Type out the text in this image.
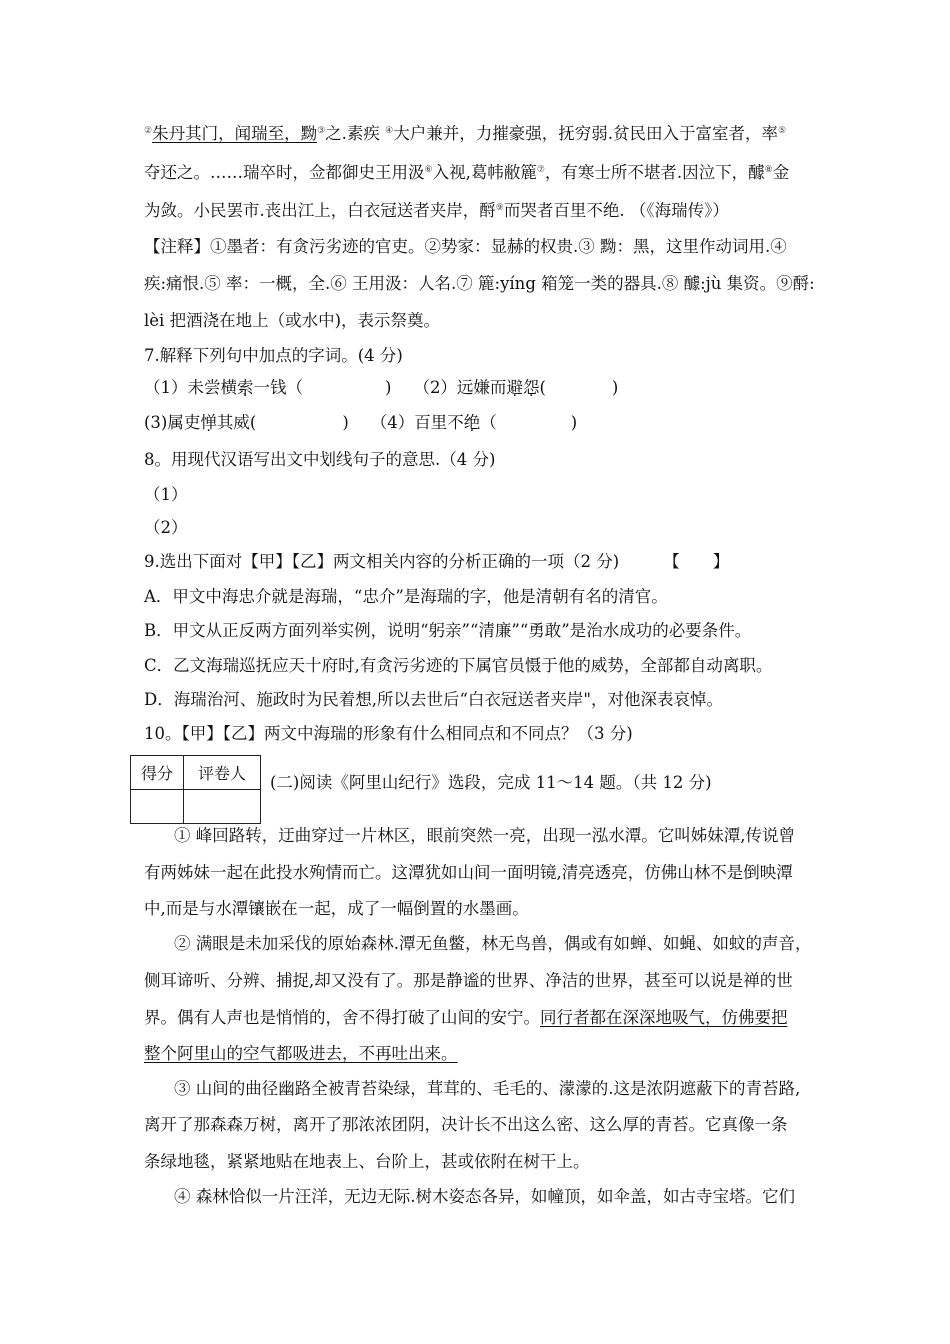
②朱丹其门，闻瑞至，黝③之.素疾 ④大户兼并，力摧豪强，抚穷弱.贫民田入于富室者，率⑤
夺还之。……瑞卒时，佥都御史王用汲⑥入视,葛帏敝簏⑦，有寒士所不堪者.因泣下，醵⑧金
为敛。小民罢市.丧出江上，白衣冠送者夹岸，酹⑨而哭者百里不绝. （《海瑞传》）
【注释】①墨者：有贪污劣迹的官吏。②势家：显赫的权贵.③ 黝：黑，这里作动词用.④
疾:痛恨.⑤ 率：一概，全.⑥ 王用汲：人名.⑦ 簏:yíng 箱笼一类的器具.⑧ 醵:jù 集资。⑨酹:
lèi 把酒浇在地上（或水中)，表示祭奠。
7.解释下列句中加点的字词。(4 分)
（1）未尝横索一钱（	) （2）远嫌而避怨(	)
(3)属吏惮其威(	) （4）百里不绝（	)
8。用现代汉语写出文中划线句子的意思.（4 分)
（1）
（2）
9.选出下面对【甲】【乙】两文相关内容的分析正确的一项（2 分)	【　　】
A．甲文中海忠介就是海瑞，“忠介”是海瑞的字，他是清朝有名的清官。
B．甲文从正反两方面列举实例，说明“躬亲”“清廉”“勇敢”是治水成功的必要条件。
C．乙文海瑞巡抚应天十府时,有贪污劣迹的下属官员慑于他的威势，全部都自动离职。
D．海瑞治河、施政时为民着想,所以去世后“白衣冠送者夹岸"，对他深表哀悼。
10。【甲】【乙】两文中海瑞的形象有什么相同点和不同点？（3 分)
得分	评卷人
	(二)阅读《阿里山纪行》选段，完成 11～14 题。（共 12 分)
① 峰回路转，迂曲穿过一片林区，眼前突然一亮，出现一泓水潭。它叫姊妹潭,传说曾
有两姊妹一起在此投水殉情而亡。这潭犹如山间一面明镜,清亮透亮，仿佛山林不是倒映潭
中,而是与水潭镶嵌在一起，成了一幅倒置的水墨画。
② 满眼是未加采伐的原始森林.潭无鱼鳖，林无鸟兽，偶或有如蝉、如蝇、如蚊的声音，
侧耳谛听、分辨、捕捉,却又没有了。那是静谧的世界、净洁的世界，甚至可以说是禅的世
界。偶有人声也是悄悄的，舍不得打破了山间的安宁。同行者都在深深地吸气，仿佛要把
整个阿里山的空气都吸进去，不再吐出来。
③ 山间的曲径幽路全被青苔染绿，茸茸的、毛毛的、濛濛的.这是浓阴遮蔽下的青苔路,
离开了那森森万树，离开了那浓浓团阴，决计长不出这么密、这么厚的青苔。它真像一条
条绿地毯，紧紧地贴在地表上、台阶上，甚或依附在树干上。
④ 森林恰似一片汪洋，无边无际.树木姿态各异，如幢顶，如伞盖，如古寺宝塔。它们
